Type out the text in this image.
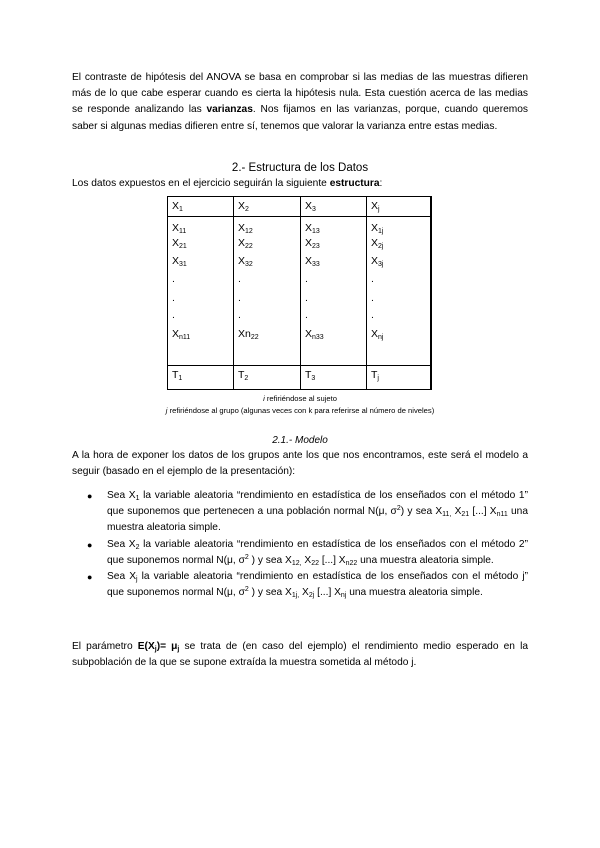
El contraste de hipótesis del ANOVA se basa en comprobar si las medias de las muestras difieren más de lo que cabe esperar cuando es cierta la hipótesis nula. Esta cuestión acerca de las medias se responde analizando las varianzas. Nos fijamos en las varianzas, porque, cuando queremos saber si algunas medias difieren entre sí, tenemos que valorar la varianza entre estas medias.

2.- Estructura de los Datos

Los datos expuestos en el ejercicio seguirán la siguiente estructura:

$X_1$	$X_2$	$X_3$	$X_j$
$X_{11}$	$X_{12}$	$X_{13}$	$X_{1j}$
$X_{21}$	$X_{22}$	$X_{23}$	$X_{2j}$
$X_{31}$	$X_{32}$	$X_{33}$	$X_{3j}$
.	.	.	.
.	.	.	.
.	.	.	.
$X_{n11}$	$Xn_{22}$	$X_{n33}$	$X_{nj}$
$T_1$	$T_2$	$T_3$	$T_j$
i refiriéndose al sujeto
j refiriéndose al grupo (algunas veces con k para referirse al número de niveles)
2.1.- Modelo

A la hora de exponer los datos de los grupos ante los que nos encontramos, este será el modelo a seguir (basado en el ejemplo de la presentación):

● Sea $X_1$ la variable aleatoria “rendimiento en estadística de los enseñados con el método 1” que suponemos que pertenecen a una población normal N(μ, $\sigma^2$) y sea $X_{11,}$ $X_{21}$ [...] $X_{n11}$ una muestra aleatoria simple.
● Sea $X_2$ la variable aleatoria “rendimiento en estadística de los enseñados con el método 2” que suponemos normal N(μ, $\sigma^2$ ) y sea $X_{12,}$ $X_{22}$ [...] $X_{n22}$ una muestra aleatoria simple.
● Sea $X_j$ la variable aleatoria “rendimiento en estadística de los enseñados con el método j” que suponemos normal N(μ, $\sigma^2$ ) y sea $X_{1j,}$ $X_{2j}$ [...] $X_{nj}$ una muestra aleatoria simple.

El parámetro $E(X_j)= \mu_j$ se trata de (en caso del ejemplo) el rendimiento medio esperado en la subpoblación de la que se supone extraída la muestra sometida al método j.
